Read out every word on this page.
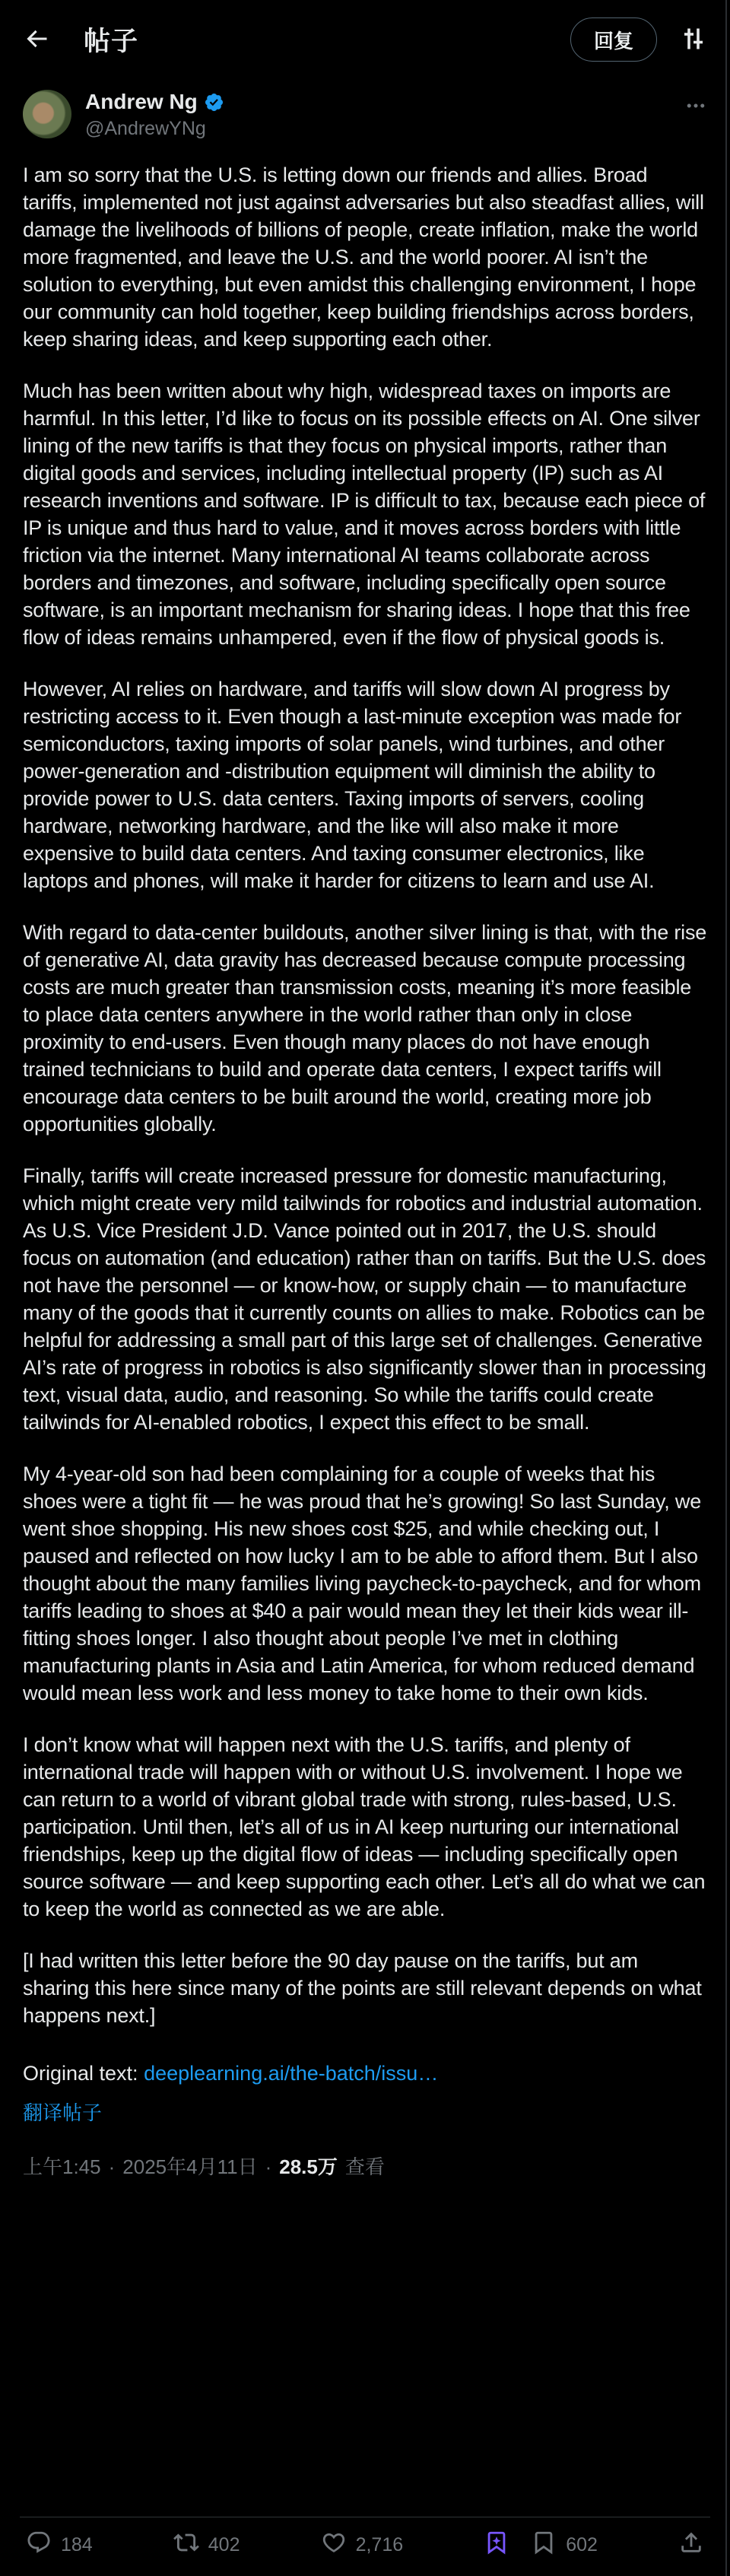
帖子	回复
Andrew Ng
@AndrewYNg

I am so sorry that the U.S. is letting down our friends and allies. Broad tariffs, implemented not just against adversaries but also steadfast allies, will damage the livelihoods of billions of people, create inflation, make the world more fragmented, and leave the U.S. and the world poorer. AI isn’t the solution to everything, but even amidst this challenging environment, I hope our community can hold together, keep building friendships across borders, keep sharing ideas, and keep supporting each other.

Much has been written about why high, widespread taxes on imports are harmful. In this letter, I’d like to focus on its possible effects on AI. One silver lining of the new tariffs is that they focus on physical imports, rather than digital goods and services, including intellectual property (IP) such as AI research inventions and software. IP is difficult to tax, because each piece of IP is unique and thus hard to value, and it moves across borders with little friction via the internet. Many international AI teams collaborate across borders and timezones, and software, including specifically open source software, is an important mechanism for sharing ideas. I hope that this free flow of ideas remains unhampered, even if the flow of physical goods is.

However, AI relies on hardware, and tariffs will slow down AI progress by restricting access to it. Even though a last-minute exception was made for semiconductors, taxing imports of solar panels, wind turbines, and other power-generation and -distribution equipment will diminish the ability to provide power to U.S. data centers. Taxing imports of servers, cooling hardware, networking hardware, and the like will also make it more expensive to build data centers. And taxing consumer electronics, like laptops and phones, will make it harder for citizens to learn and use AI.

With regard to data-center buildouts, another silver lining is that, with the rise of generative AI, data gravity has decreased because compute processing costs are much greater than transmission costs, meaning it’s more feasible to place data centers anywhere in the world rather than only in close proximity to end-users. Even though many places do not have enough trained technicians to build and operate data centers, I expect tariffs will encourage data centers to be built around the world, creating more job opportunities globally.

Finally, tariffs will create increased pressure for domestic manufacturing, which might create very mild tailwinds for robotics and industrial automation. As U.S. Vice President J.D. Vance pointed out in 2017, the U.S. should focus on automation (and education) rather than on tariffs. But the U.S. does not have the personnel — or know-how, or supply chain — to manufacture many of the goods that it currently counts on allies to make. Robotics can be helpful for addressing a small part of this large set of challenges. Generative AI’s rate of progress in robotics is also significantly slower than in processing text, visual data, audio, and reasoning. So while the tariffs could create tailwinds for AI-enabled robotics, I expect this effect to be small.

My 4-year-old son had been complaining for a couple of weeks that his shoes were a tight fit — he was proud that he’s growing! So last Sunday, we went shoe shopping. His new shoes cost $25, and while checking out, I paused and reflected on how lucky I am to be able to afford them. But I also thought about the many families living paycheck-to-paycheck, and for whom tariffs leading to shoes at $40 a pair would mean they let their kids wear ill-fitting shoes longer. I also thought about people I’ve met in clothing manufacturing plants in Asia and Latin America, for whom reduced demand would mean less work and less money to take home to their own kids.

I don’t know what will happen next with the U.S. tariffs, and plenty of international trade will happen with or without U.S. involvement. I hope we can return to a world of vibrant global trade with strong, rules-based, U.S. participation. Until then, let’s all of us in AI keep nurturing our international friendships, keep up the digital flow of ideas — including specifically open source software — and keep supporting each other. Let’s all do what we can to keep the world as connected as we are able.

[I had written this letter before the 90 day pause on the tariffs, but am sharing this here since many of the points are still relevant depends on what happens next.]

Original text: deeplearning.ai/the-batch/issu…
翻译帖子
上午1:45 · 2025年4月11日 · 28.5万 查看
184	402	2,716	602
